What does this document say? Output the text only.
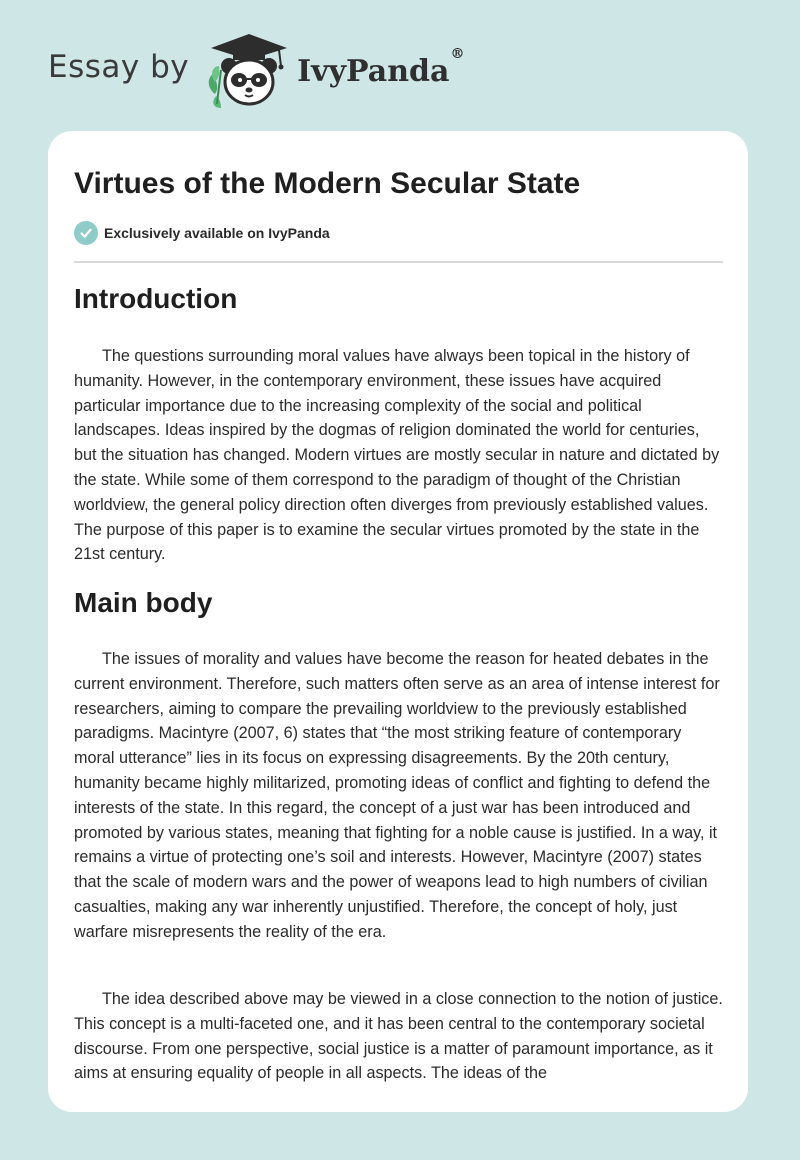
Essay by	IvyPanda®
Virtues of the Modern Secular State
Exclusively available on IvyPanda
Introduction

The questions surrounding moral values have always been topical in the history of humanity. However, in the contemporary environment, these issues have acquired particular importance due to the increasing complexity of the social and political landscapes. Ideas inspired by the dogmas of religion dominated the world for centuries, but the situation has changed. Modern virtues are mostly secular in nature and dictated by the state. While some of them correspond to the paradigm of thought of the Christian worldview, the general policy direction often diverges from previously established values. The purpose of this paper is to examine the secular virtues promoted by the state in the 21st century.

Main body

The issues of morality and values have become the reason for heated debates in the current environment. Therefore, such matters often serve as an area of intense interest for researchers, aiming to compare the prevailing worldview to the previously established paradigms. Macintyre (2007, 6) states that “the most striking feature of contemporary moral utterance” lies in its focus on expressing disagreements. By the 20th century, humanity became highly militarized, promoting ideas of conflict and fighting to defend the interests of the state. In this regard, the concept of a just war has been introduced and promoted by various states, meaning that fighting for a noble cause is justified. In a way, it remains a virtue of protecting one’s soil and interests. However, Macintyre (2007) states that the scale of modern wars and the power of weapons lead to high numbers of civilian casualties, making any war inherently unjustified. Therefore, the concept of holy, just warfare misrepresents the reality of the era.

The idea described above may be viewed in a close connection to the notion of justice. This concept is a multi-faceted one, and it has been central to the contemporary societal discourse. From one perspective, social justice is a matter of paramount importance, as it aims at ensuring equality of people in all aspects. The ideas of the
